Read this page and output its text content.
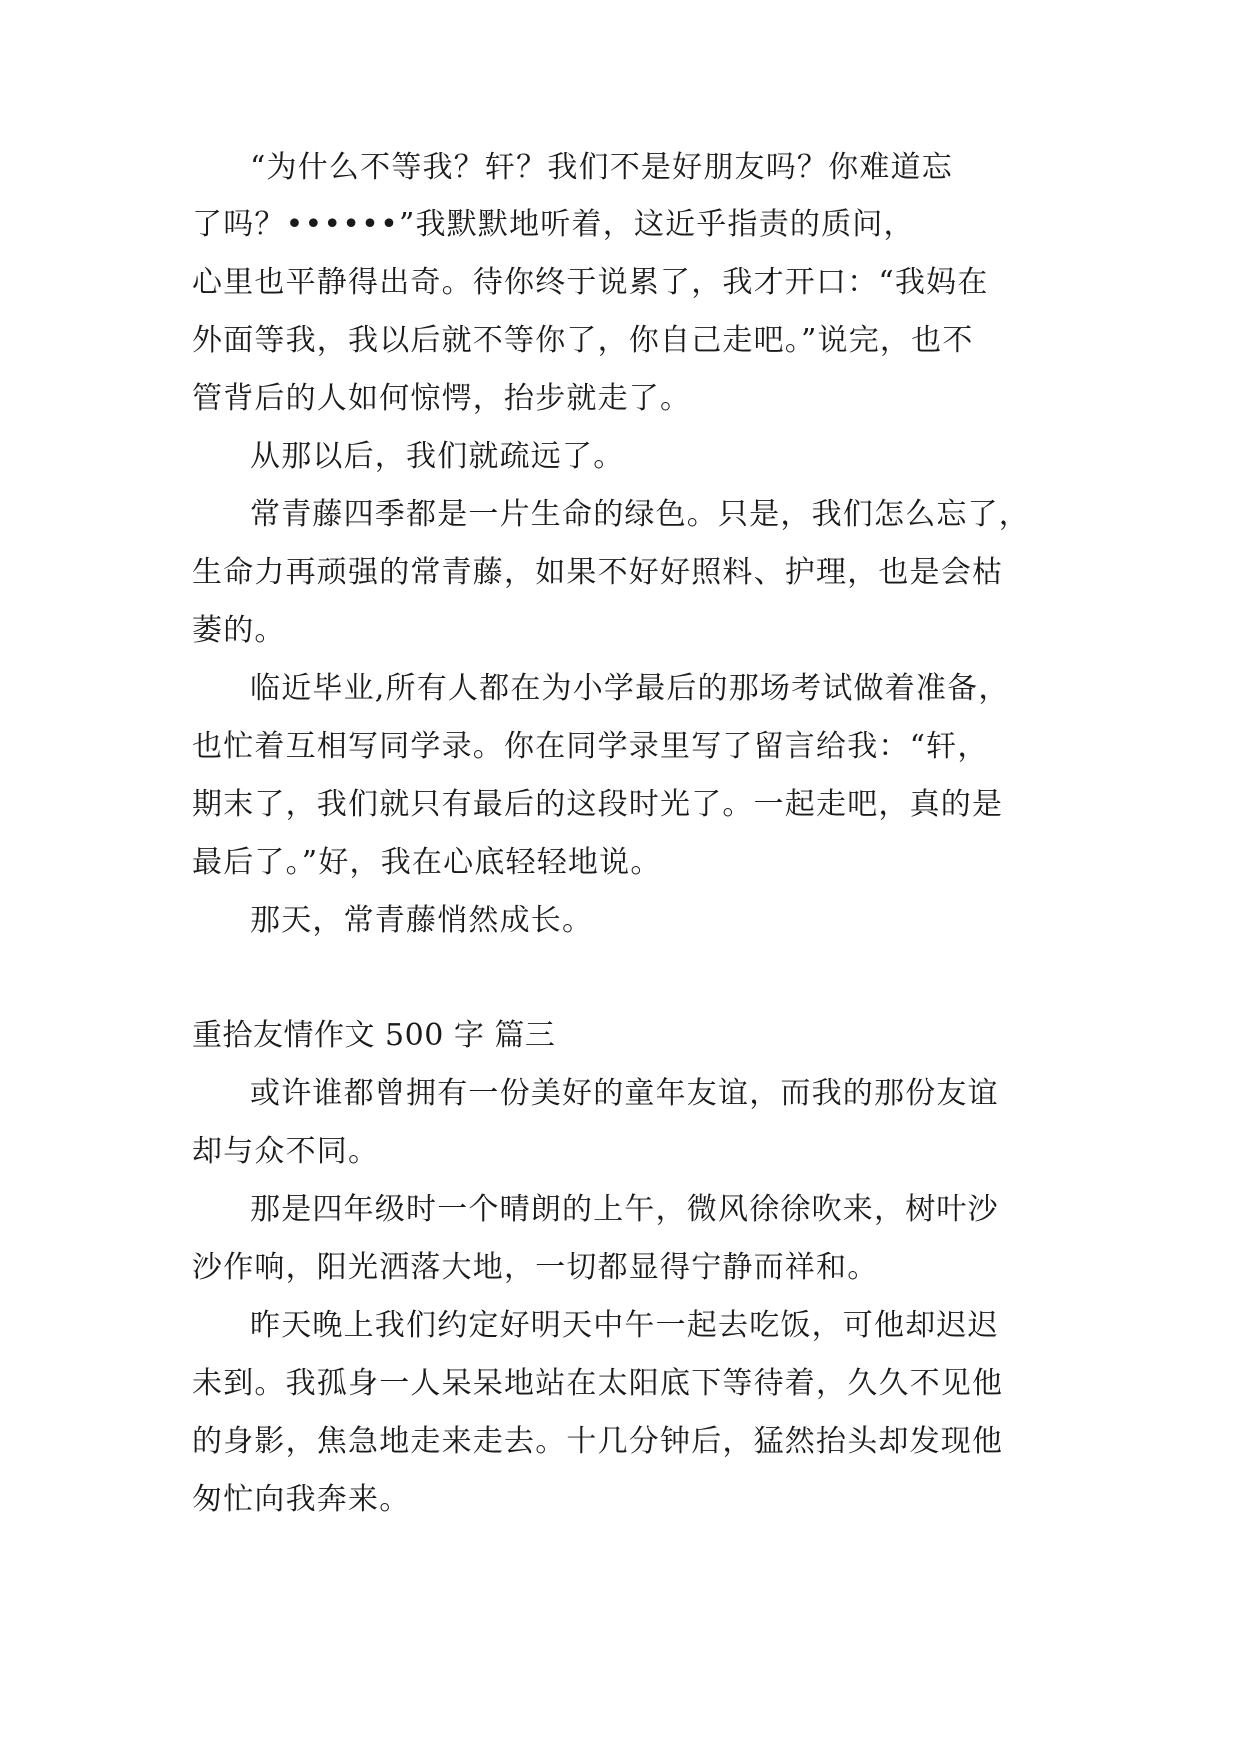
“为什么不等我？轩？我们不是好朋友吗？你难道忘
了吗？••••••”我默默地听着，这近乎指责的质问，
心里也平静得出奇。待你终于说累了，我才开口：“我妈在
外面等我，我以后就不等你了，你自己走吧。”说完，也不
管背后的人如何惊愕，抬步就走了。
从那以后，我们就疏远了。
常青藤四季都是一片生命的绿色。只是，我们怎么忘了，
生命力再顽强的常青藤，如果不好好照料、护理，也是会枯
萎的。
临近毕业,所有人都在为小学最后的那场考试做着准备，
也忙着互相写同学录。你在同学录里写了留言给我：“轩，
期末了，我们就只有最后的这段时光了。一起走吧，真的是
最后了。”好，我在心底轻轻地说。
那天，常青藤悄然成长。
重拾友情作文 500 字 篇三
或许谁都曾拥有一份美好的童年友谊，而我的那份友谊
却与众不同。
那是四年级时一个晴朗的上午，微风徐徐吹来，树叶沙
沙作响，阳光洒落大地，一切都显得宁静而祥和。
昨天晚上我们约定好明天中午一起去吃饭，可他却迟迟
未到。我孤身一人呆呆地站在太阳底下等待着，久久不见他
的身影，焦急地走来走去。十几分钟后，猛然抬头却发现他
匆忙向我奔来。
